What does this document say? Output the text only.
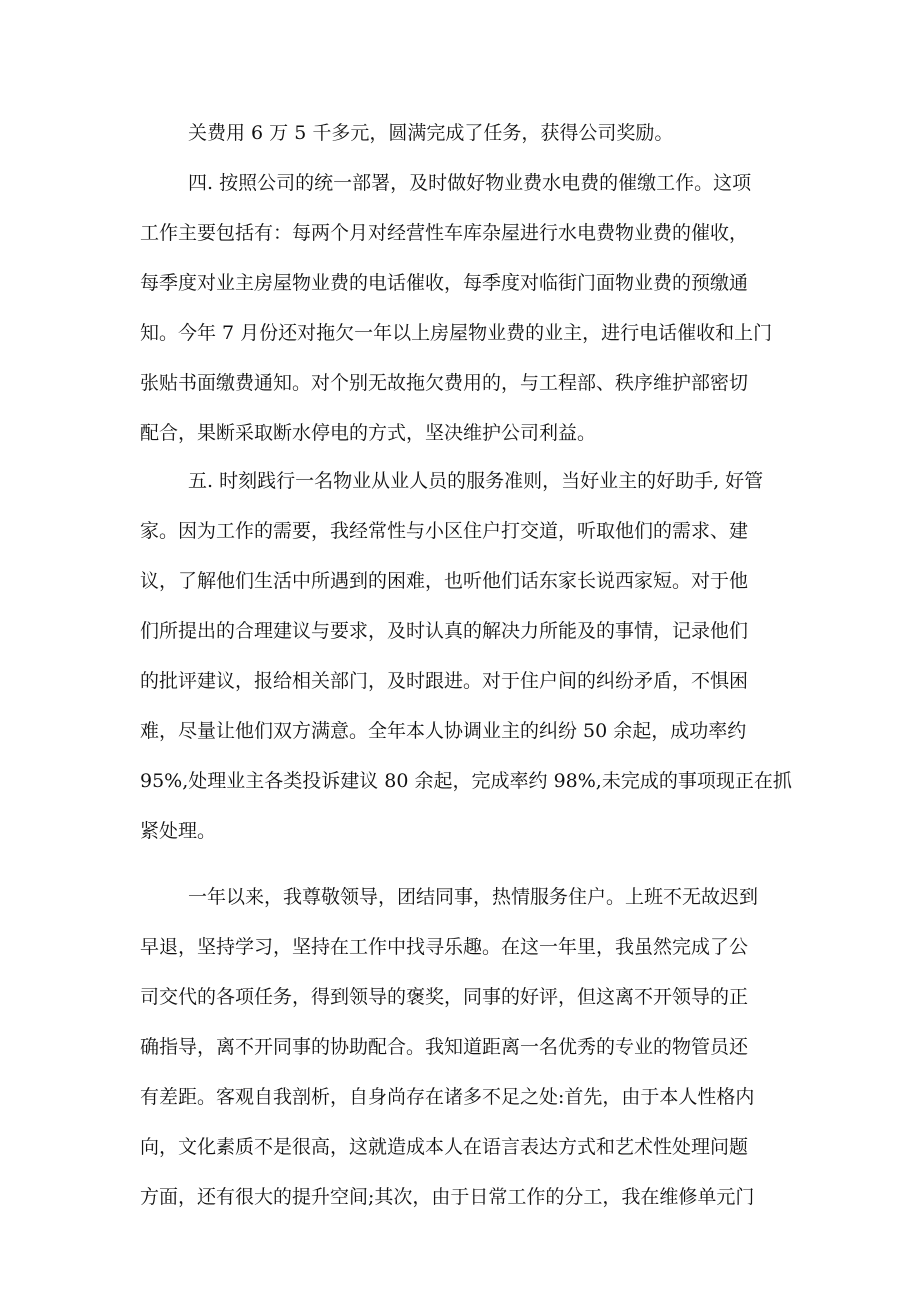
关费用 6 万 5 千多元，圆满完成了任务，获得公司奖励。
四. 按照公司的统一部署，及时做好物业费水电费的催缴工作。这项
工作主要包括有：每两个月对经营性车库杂屋进行水电费物业费的催收，
每季度对业主房屋物业费的电话催收，每季度对临街门面物业费的预缴通
知。今年 7 月份还对拖欠一年以上房屋物业费的业主，进行电话催收和上门
张贴书面缴费通知。对个别无故拖欠费用的，与工程部、秩序维护部密切
配合，果断采取断水停电的方式，坚决维护公司利益。
五. 时刻践行一名物业从业人员的服务准则，当好业主的好助手, 好管
家。因为工作的需要，我经常性与小区住户打交道，听取他们的需求、建
议，了解他们生活中所遇到的困难，也听他们话东家长说西家短。对于他
们所提出的合理建议与要求，及时认真的解决力所能及的事情，记录他们
的批评建议，报给相关部门，及时跟进。对于住户间的纠纷矛盾，不惧困
难，尽量让他们双方满意。全年本人协调业主的纠纷 50 余起，成功率约
95%,处理业主各类投诉建议 80 余起，完成率约 98%,未完成的事项现正在抓
紧处理。
一年以来，我尊敬领导，团结同事，热情服务住户。上班不无故迟到
早退，坚持学习，坚持在工作中找寻乐趣。在这一年里，我虽然完成了公
司交代的各项任务，得到领导的褒奖，同事的好评，但这离不开领导的正
确指导，离不开同事的协助配合。我知道距离一名优秀的专业的物管员还
有差距。客观自我剖析，自身尚存在诸多不足之处:首先，由于本人性格内
向，文化素质不是很高，这就造成本人在语言表达方式和艺术性处理问题
方面，还有很大的提升空间;其次，由于日常工作的分工，我在维修单元门
